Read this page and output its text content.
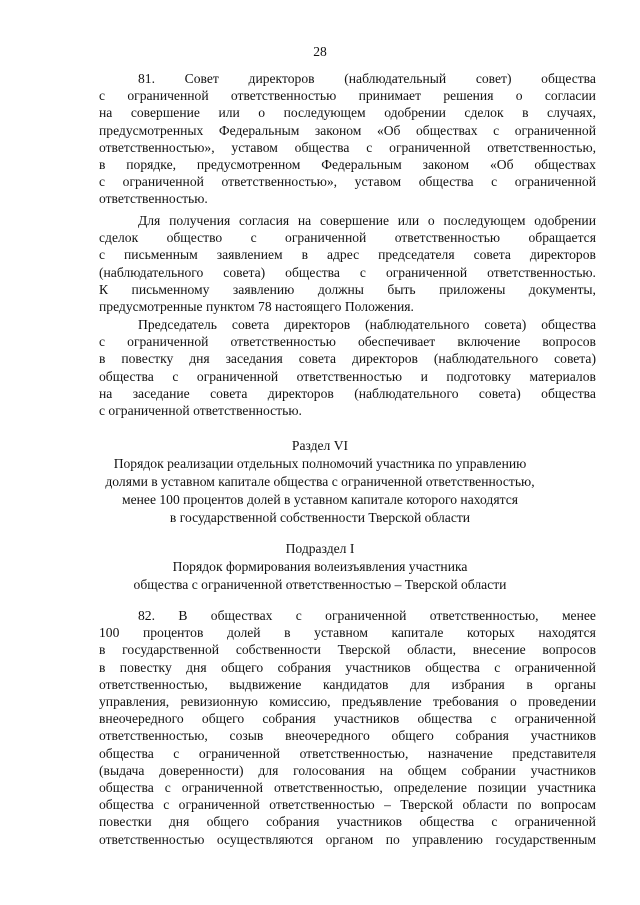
28
81. Совет директоров (наблюдательный совет) общества
с ограниченной ответственностью принимает решения о согласии
на совершение или о последующем одобрении сделок в случаях,
предусмотренных Федеральным законом «Об обществах с ограниченной
ответственностью», уставом общества с ограниченной ответственностью,
в порядке, предусмотренном Федеральным законом «Об обществах
с ограниченной ответственностью», уставом общества с ограниченной
ответственностью.
Для получения согласия на совершение или о последующем одобрении
сделок общество с ограниченной ответственностью обращается
с письменным заявлением в адрес председателя совета директоров
(наблюдательного совета) общества с ограниченной ответственностью.
К письменному заявлению должны быть приложены документы,
предусмотренные пунктом 78 настоящего Положения.
Председатель совета директоров (наблюдательного совета) общества
с ограниченной ответственностью обеспечивает включение вопросов
в повестку дня заседания совета директоров (наблюдательного совета)
общества с ограниченной ответственностью и подготовку материалов
на заседание совета директоров (наблюдательного совета) общества
с ограниченной ответственностью.
Раздел VI
Порядок реализации отдельных полномочий участника по управлению
долями в уставном капитале общества с ограниченной ответственностью,
менее 100 процентов долей в уставном капитале которого находятся
в государственной собственности Тверской области
Подраздел I
Порядок формирования волеизъявления участника
общества с ограниченной ответственностью – Тверской области
82. В обществах с ограниченной ответственностью, менее
100 процентов долей в уставном капитале которых находятся
в государственной собственности Тверской области, внесение вопросов
в повестку дня общего собрания участников общества с ограниченной
ответственностью, выдвижение кандидатов для избрания в органы
управления, ревизионную комиссию, предъявление требования о проведении
внеочередного общего собрания участников общества с ограниченной
ответственностью, созыв внеочередного общего собрания участников
общества с ограниченной ответственностью, назначение представителя
(выдача доверенности) для голосования на общем собрании участников
общества с ограниченной ответственностью, определение позиции участника
общества с ограниченной ответственностью – Тверской области по вопросам
повестки дня общего собрания участников общества с ограниченной
ответственностью осуществляются органом по управлению государственным
